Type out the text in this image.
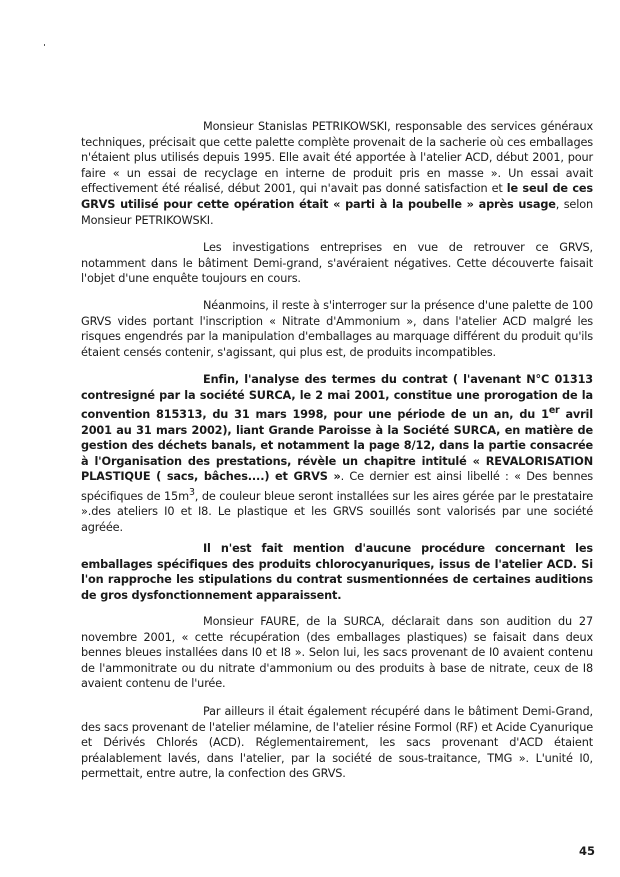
Monsieur Stanislas PETRIKOWSKI, responsable des services généraux techniques, précisait que cette palette complète provenait de la sacherie où ces emballages n'étaient plus utilisés depuis 1995. Elle avait été apportée à l'atelier ACD, début 2001, pour faire « un essai de recyclage en interne de produit pris en masse ». Un essai avait effectivement été réalisé, début 2001, qui n'avait pas donné satisfaction et le seul de ces GRVS utilisé pour cette opération était « parti à la poubelle » après usage, selon Monsieur PETRIKOWSKI.

Les investigations entreprises en vue de retrouver ce GRVS, notamment dans le bâtiment Demi-grand, s'avéraient négatives. Cette découverte faisait l'objet d'une enquête toujours en cours.

Néanmoins, il reste à s'interroger sur la présence d'une palette de 100 GRVS vides portant l'inscription « Nitrate d'Ammonium », dans l'atelier ACD malgré les risques engendrés par la manipulation d'emballages au marquage différent du produit qu'ils étaient censés contenir, s'agissant, qui plus est, de produits incompatibles.

Enfin, l'analyse des termes du contrat ( l'avenant N°C 01313 contresigné par la société SURCA, le 2 mai 2001, constitue une prorogation de la convention 815313, du 31 mars 1998, pour une période de un an, du 1er avril 2001 au 31 mars 2002), liant Grande Paroisse à la Société SURCA, en matière de gestion des déchets banals, et notamment la page 8/12, dans la partie consacrée à l'Organisation des prestations, révèle un chapitre intitulé « REVALORISATION PLASTIQUE ( sacs, bâches....) et GRVS ». Ce dernier est ainsi libellé : « Des bennes spécifiques de $15m^3$, de couleur bleue seront installées sur les aires gérée par le prestataire ».des ateliers I0 et I8. Le plastique et les GRVS souillés sont valorisés par une société agréée.

Il n'est fait mention d'aucune procédure concernant les emballages spécifiques des produits chlorocyanuriques, issus de l'atelier ACD. Si l'on rapproche les stipulations du contrat susmentionnées de certaines auditions de gros dysfonctionnement apparaissent.

Monsieur FAURE, de la SURCA, déclarait dans son audition du 27 novembre 2001, « cette récupération (des emballages plastiques) se faisait dans deux bennes bleues installées dans I0 et I8 ». Selon lui, les sacs provenant de I0 avaient contenu de l'ammonitrate ou du nitrate d'ammonium ou des produits à base de nitrate, ceux de I8 avaient contenu de l'urée.

Par ailleurs il était également récupéré dans le bâtiment Demi-Grand, des sacs provenant de l'atelier mélamine, de l'atelier résine Formol (RF) et Acide Cyanurique et Dérivés Chlorés (ACD). Réglementairement, les sacs provenant d'ACD étaient préalablement lavés, dans l'atelier, par la société de sous-traitance, TMG ». L'unité I0, permettait, entre autre, la confection des GRVS.

45
